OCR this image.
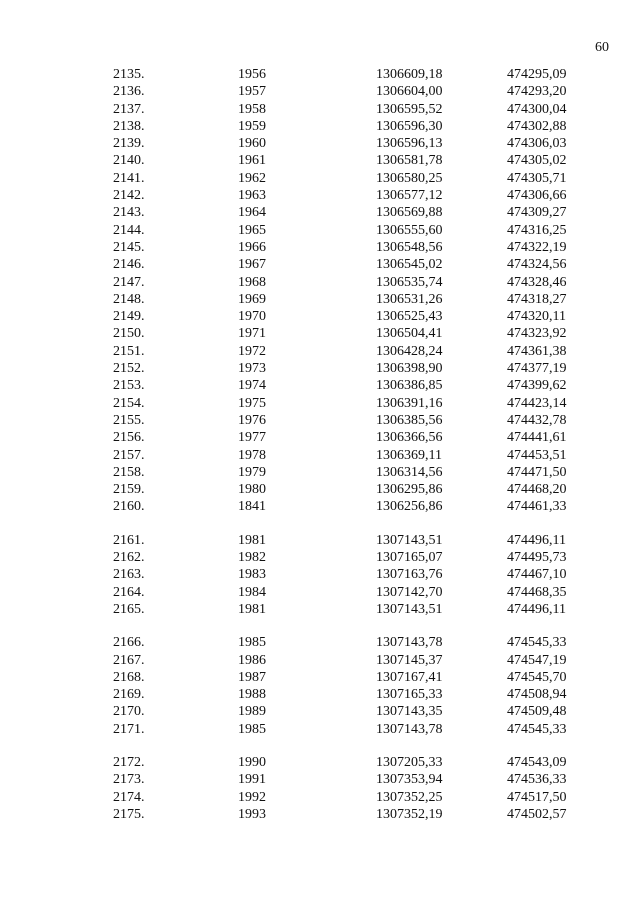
60
2135.	1956	1306609,18	474295,09
2136.	1957	1306604,00	474293,20
2137.	1958	1306595,52	474300,04
2138.	1959	1306596,30	474302,88
2139.	1960	1306596,13	474306,03
2140.	1961	1306581,78	474305,02
2141.	1962	1306580,25	474305,71
2142.	1963	1306577,12	474306,66
2143.	1964	1306569,88	474309,27
2144.	1965	1306555,60	474316,25
2145.	1966	1306548,56	474322,19
2146.	1967	1306545,02	474324,56
2147.	1968	1306535,74	474328,46
2148.	1969	1306531,26	474318,27
2149.	1970	1306525,43	474320,11
2150.	1971	1306504,41	474323,92
2151.	1972	1306428,24	474361,38
2152.	1973	1306398,90	474377,19
2153.	1974	1306386,85	474399,62
2154.	1975	1306391,16	474423,14
2155.	1976	1306385,56	474432,78
2156.	1977	1306366,56	474441,61
2157.	1978	1306369,11	474453,51
2158.	1979	1306314,56	474471,50
2159.	1980	1306295,86	474468,20
2160.	1841	1306256,86	474461,33
2161.	1981	1307143,51	474496,11
2162.	1982	1307165,07	474495,73
2163.	1983	1307163,76	474467,10
2164.	1984	1307142,70	474468,35
2165.	1981	1307143,51	474496,11
2166.	1985	1307143,78	474545,33
2167.	1986	1307145,37	474547,19
2168.	1987	1307167,41	474545,70
2169.	1988	1307165,33	474508,94
2170.	1989	1307143,35	474509,48
2171.	1985	1307143,78	474545,33
2172.	1990	1307205,33	474543,09
2173.	1991	1307353,94	474536,33
2174.	1992	1307352,25	474517,50
2175.	1993	1307352,19	474502,57
